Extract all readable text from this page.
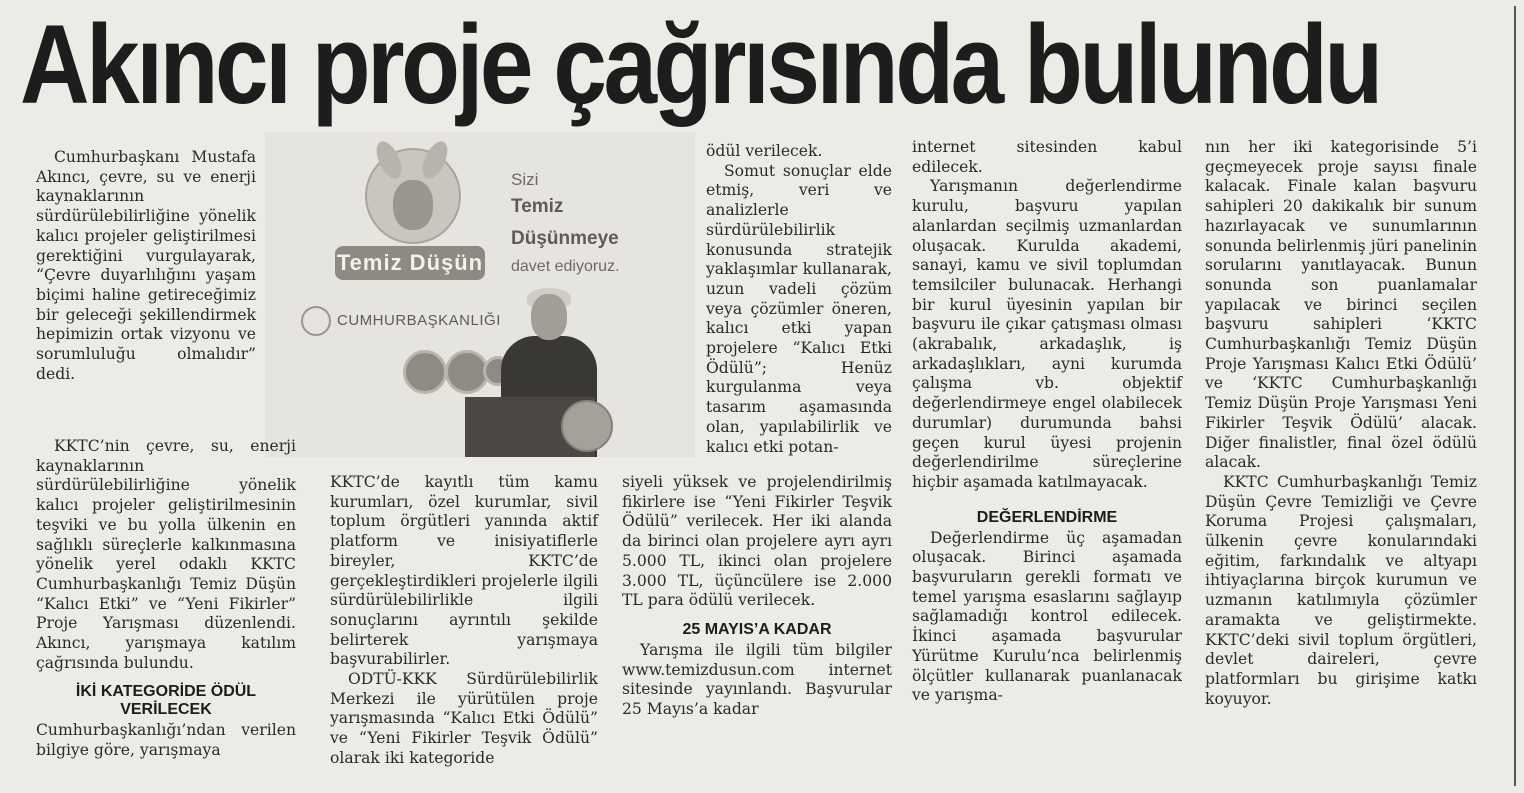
Akıncı proje çağrısında bulundu
Temiz Düşün
Sizi
Temiz
Düşünmeye
davet ediyoruz.
CUMHURBAŞKANLIĞI

Cumhurbaşkanı Mustafa Akıncı, çevre, su ve enerji kaynaklarının sürdürülebilirliğine yönelik kalıcı projeler geliştirilmesi gerektiğini vurgulayarak, “Çevre duyarlılığını yaşam biçimi haline getireceğimiz bir geleceği şekillendirmek hepimizin ortak vizyonu ve sorumluluğu olmalıdır” dedi.

KKTC’nin çevre, su, enerji kaynaklarının sürdürülebilirliğine yönelik kalıcı projeler geliştirilmesinin teşviki ve bu yolla ülkenin en sağlıklı süreçlerle kalkınmasına yönelik yerel odaklı KKTC Cumhurbaşkanlığı Temiz Düşün “Kalıcı Etki” ve “Yeni Fikirler” Proje Yarışması düzenlendi. Akıncı, yarışmaya katılım çağrısında bulundu.

İKİ KATEGORİDE ÖDÜL VERİLECEK

Cumhurbaşkanlığı’ndan verilen bilgiye göre, yarışmaya

KKTC’de kayıtlı tüm kamu kurumları, özel kurumlar, sivil toplum örgütleri yanında aktif platform ve inisiyatiflerle bireyler, KKTC’de gerçekleştirdikleri projelerle ilgili sürdürülebilirlikle ilgili sonuçlarını ayrıntılı şekilde belirterek yarışmaya başvurabilirler.

ODTÜ-KKK Sürdürülebilirlik Merkezi ile yürütülen proje yarışmasında “Kalıcı Etki Ödülü” ve “Yeni Fikirler Teşvik Ödülü” olarak iki kategoride

ödül verilecek.

Somut sonuçlar elde etmiş, veri ve analizlerle sürdürülebilirlik konusunda stratejik yaklaşımlar kullanarak, uzun vadeli çözüm veya çözümler öneren, kalıcı etki yapan projelere “Kalıcı Etki Ödülü”; Henüz kurgulanma veya tasarım aşamasında olan, yapılabilirlik ve kalıcı etki potan-

siyeli yüksek ve projelendirilmiş fikirlere ise “Yeni Fikirler Teşvik Ödülü” verilecek. Her iki alanda da birinci olan projelere ayrı ayrı 5.000 TL, ikinci olan projelere 3.000 TL, üçüncülere ise 2.000 TL para ödülü verilecek.

25 MAYIS’A KADAR

Yarışma ile ilgili tüm bilgiler www.temizdusun.com internet sitesinde yayınlandı. Başvurular 25 Mayıs’a kadar

internet sitesinden kabul edilecek.

Yarışmanın değerlendirme kurulu, başvuru yapılan alanlardan seçilmiş uzmanlardan oluşacak. Kurulda akademi, sanayi, kamu ve sivil toplumdan temsilciler bulunacak. Herhangi bir kurul üyesinin yapılan bir başvuru ile çıkar çatışması olması (akrabalık, arkadaşlık, iş arkadaşlıkları, ayni kurumda çalışma vb. objektif değerlendirmeye engel olabilecek durumlar) durumunda bahsi geçen kurul üyesi projenin değerlendirilme süreçlerine hiçbir aşamada katılmayacak.

DEĞERLENDİRME

Değerlendirme üç aşamadan oluşacak. Birinci aşamada başvuruların gerekli formatı ve temel yarışma esaslarını sağlayıp sağlamadığı kontrol edilecek. İkinci aşamada başvurular Yürütme Kurulu’nca belirlenmiş ölçütler kullanarak puanlanacak ve yarışma-

nın her iki kategorisinde 5’i geçmeyecek proje sayısı finale kalacak. Finale kalan başvuru sahipleri 20 dakikalık bir sunum hazırlayacak ve sunumlarının sonunda belirlenmiş jüri panelinin sorularını yanıtlayacak. Bunun sonunda son puanlamalar yapılacak ve birinci seçilen başvuru sahipleri ‘KKTC Cumhurbaşkanlığı Temiz Düşün Proje Yarışması Kalıcı Etki Ödülü’ ve ‘KKTC Cumhurbaşkanlığı Temiz Düşün Proje Yarışması Yeni Fikirler Teşvik Ödülü’ alacak. Diğer finalistler, final özel ödülü alacak.

KKTC Cumhurbaşkanlığı Temiz Düşün Çevre Temizliği ve Çevre Koruma Projesi çalışmaları, ülkenin çevre konularındaki eğitim, farkındalık ve altyapı ihtiyaçlarına birçok kurumun ve uzmanın katılımıyla çözümler aramakta ve geliştirmekte. KKTC’deki sivil toplum örgütleri, devlet daireleri, çevre platformları bu girişime katkı koyuyor.
